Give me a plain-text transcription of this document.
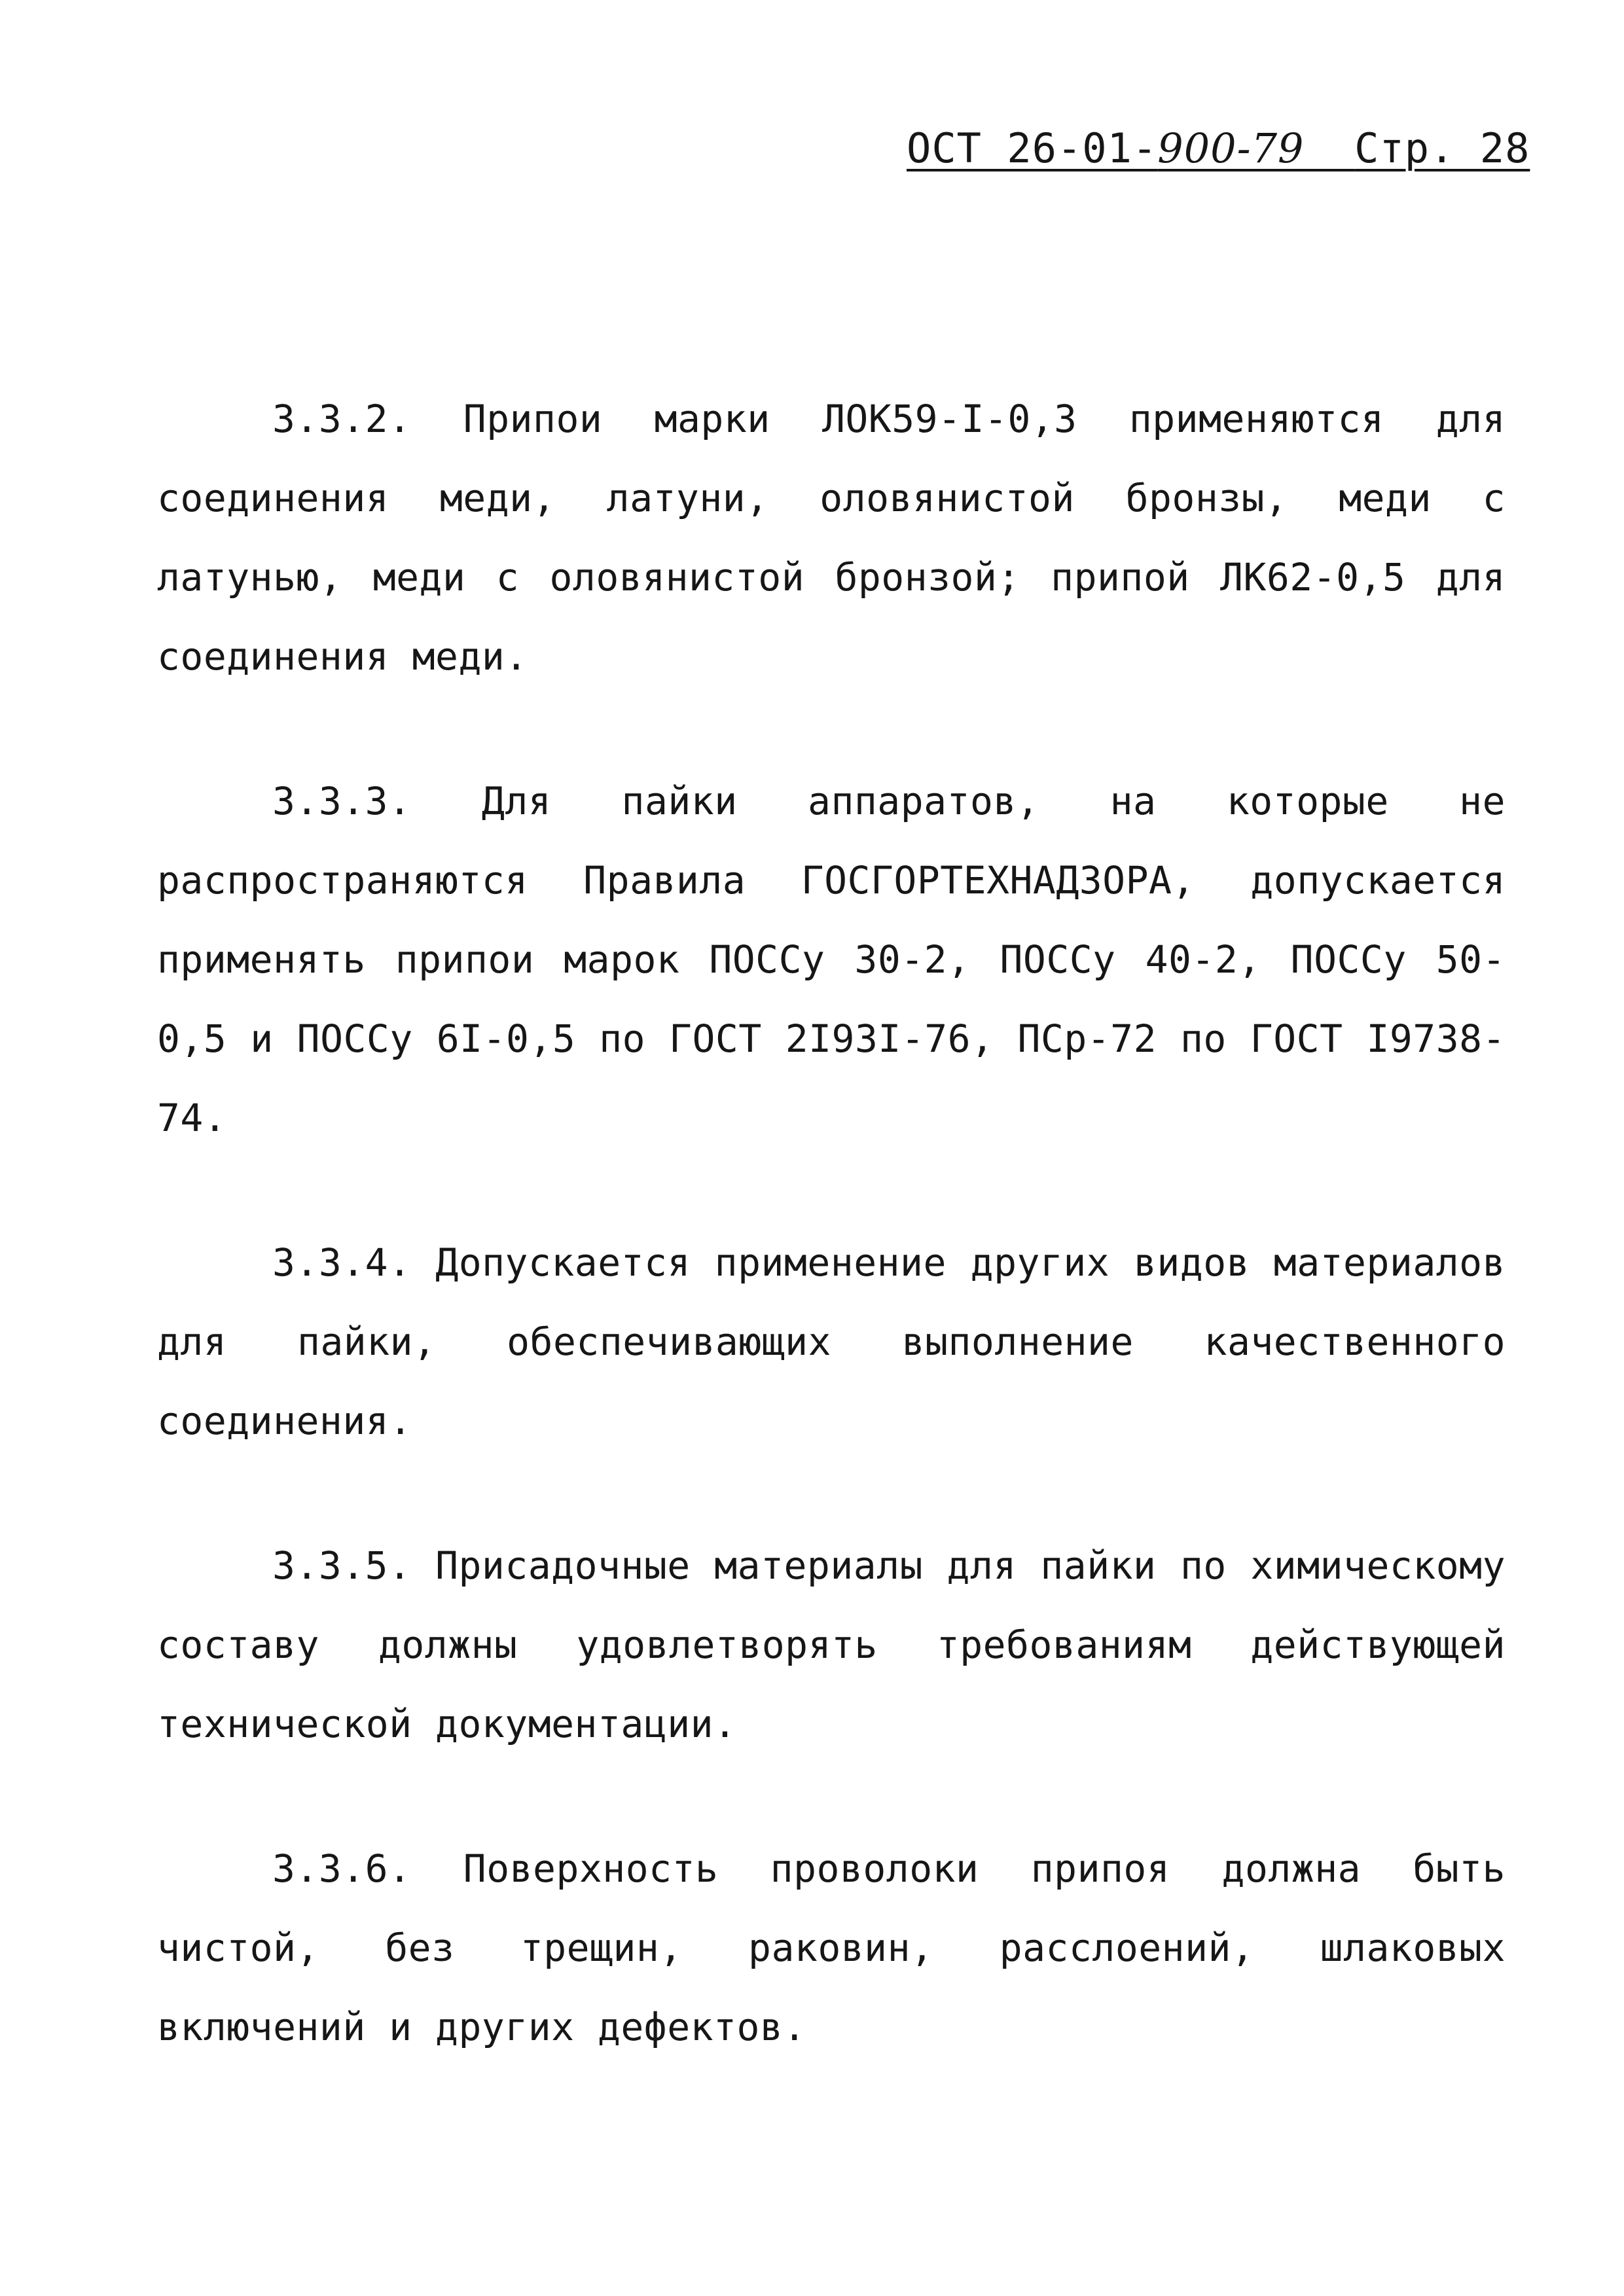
ОСТ 26-01-900-79 Стр. 28

3.3.2. Припои марки ЛОК59-I-0,3 применяются для соединения меди, латуни, оловянистой бронзы, меди с латунью, меди с оловянистой бронзой; припой ЛК62-0,5 для соединения меди.

3.3.3. Для пайки аппаратов, на которые не распространяются Правила ГОСГОРТЕХНАДЗОРА, допускается применять припои марок ПОССу 30-2, ПОССу 40-2, ПОССу 50-0,5 и ПОССу 6I-0,5 по ГОСТ 2I93I-76, ПСр-72 по ГОСТ I9738-74.

3.3.4. Допускается применение других видов материалов для пайки, обеспечивающих выполнение качественного соединения.

3.3.5. Присадочные материалы для пайки по химическому составу должны удовлетворять требованиям действующей технической документации.

3.3.6. Поверхность проволоки припоя должна быть чистой, без трещин, раковин, расслоений, шлаковых включений и других дефектов.
